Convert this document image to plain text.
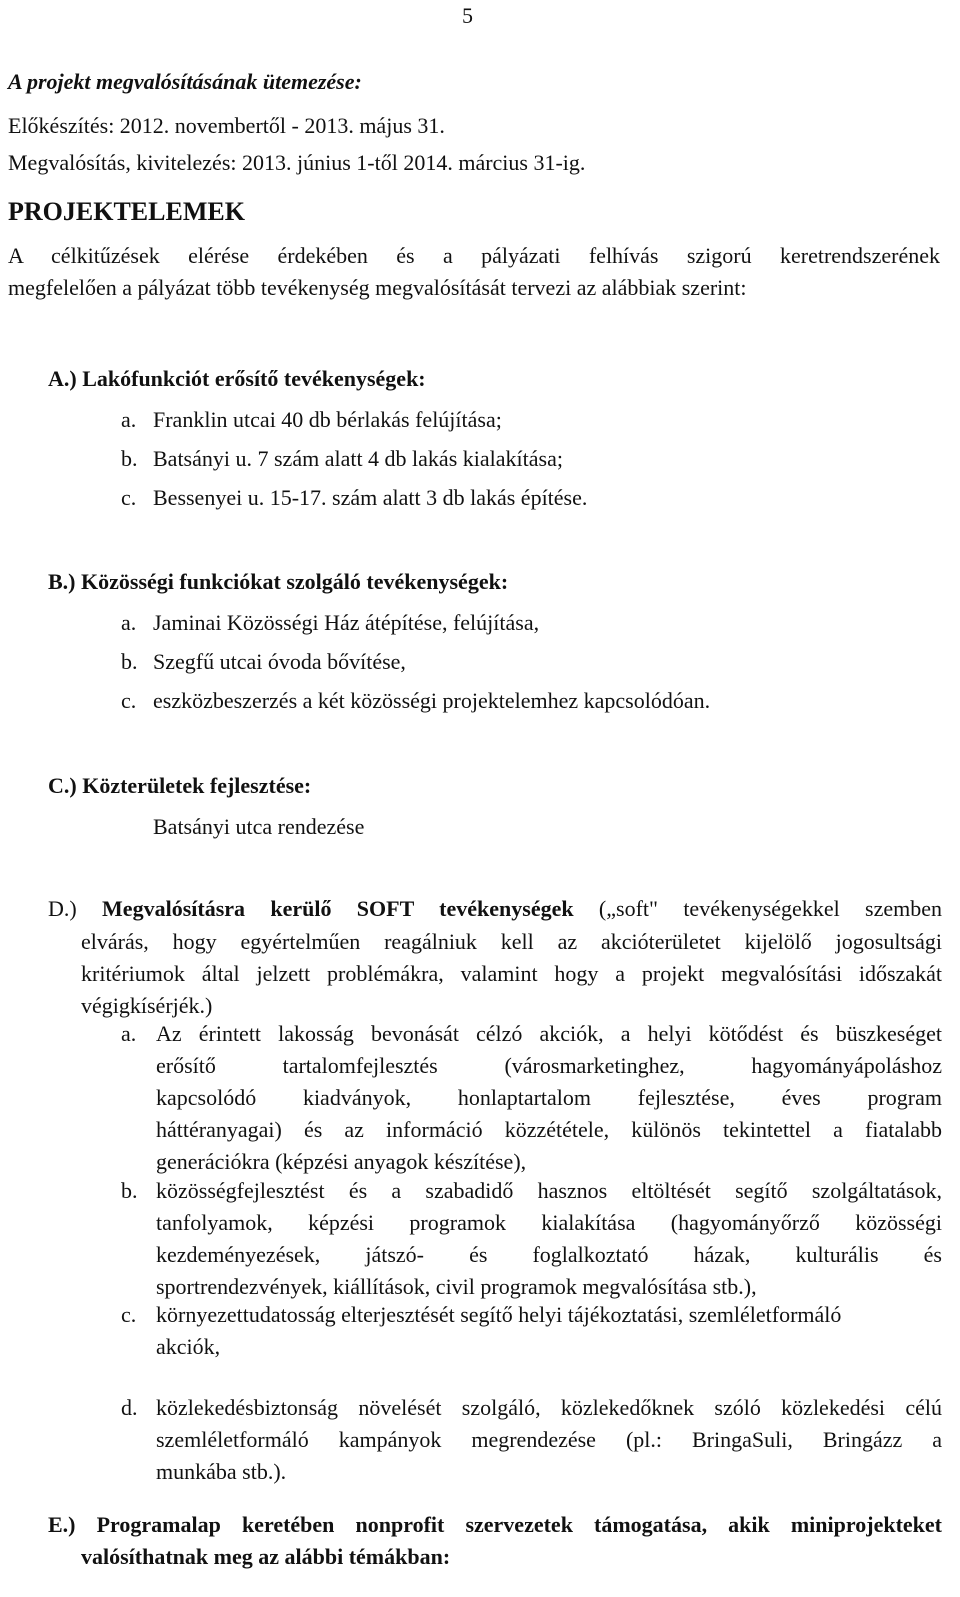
5
A projekt megvalósításának ütemezése:
Előkészítés: 2012. novembertől - 2013. május 31.
Megvalósítás, kivitelezés: 2013. június 1-től 2014. március 31-ig.
PROJEKTELEMEK
A célkitűzések elérése érdekében és a pályázati felhívás szigorú keretrendszerének
megfelelően a pályázat több tevékenység megvalósítását tervezi az alábbiak szerint:
A.) Lakófunkciót erősítő tevékenységek:
a. Franklin utcai 40 db bérlakás felújítása;
b. Batsányi u. 7 szám alatt 4 db lakás kialakítása;
c. Bessenyei u. 15-17. szám alatt 3 db lakás építése.
B.) Közösségi funkciókat szolgáló tevékenységek:
a. Jaminai Közösségi Ház átépítése, felújítása,
b. Szegfű utcai óvoda bővítése,
c. eszközbeszerzés a két közösségi projektelemhez kapcsolódóan.
C.) Közterületek fejlesztése:
Batsányi utca rendezése
D.) Megvalósításra kerülő SOFT tevékenységek („soft" tevékenységekkel szemben
elvárás, hogy egyértelműen reagálniuk kell az akcióterületet kijelölő jogosultsági
kritériumok által jelzett problémákra, valamint hogy a projekt megvalósítási időszakát
végigkísérjék.)
a. Az érintett lakosság bevonását célzó akciók, a helyi kötődést és büszkeséget
erősítő tartalomfejlesztés (városmarketinghez, hagyományápoláshoz
kapcsolódó kiadványok, honlaptartalom fejlesztése, éves program
háttéranyagai) és az információ közzététele, különös tekintettel a fiatalabb
generációkra (képzési anyagok készítése),
b. közösségfejlesztést és a szabadidő hasznos eltöltését segítő szolgáltatások,
tanfolyamok, képzési programok kialakítása (hagyományőrző közösségi
kezdeményezések, játszó- és foglalkoztató házak, kulturális és
sportrendezvények, kiállítások, civil programok megvalósítása stb.),
c. környezettudatosság elterjesztését segítő helyi tájékoztatási, szemléletformáló
akciók,
d. közlekedésbiztonság növelését szolgáló, közlekedőknek szóló közlekedési célú
szemléletformáló kampányok megrendezése (pl.: BringaSuli, Bringázz a
munkába stb.).
E.) Programalap keretében nonprofit szervezetek támogatása, akik miniprojekteket
valósíthatnak meg az alábbi témákban:
